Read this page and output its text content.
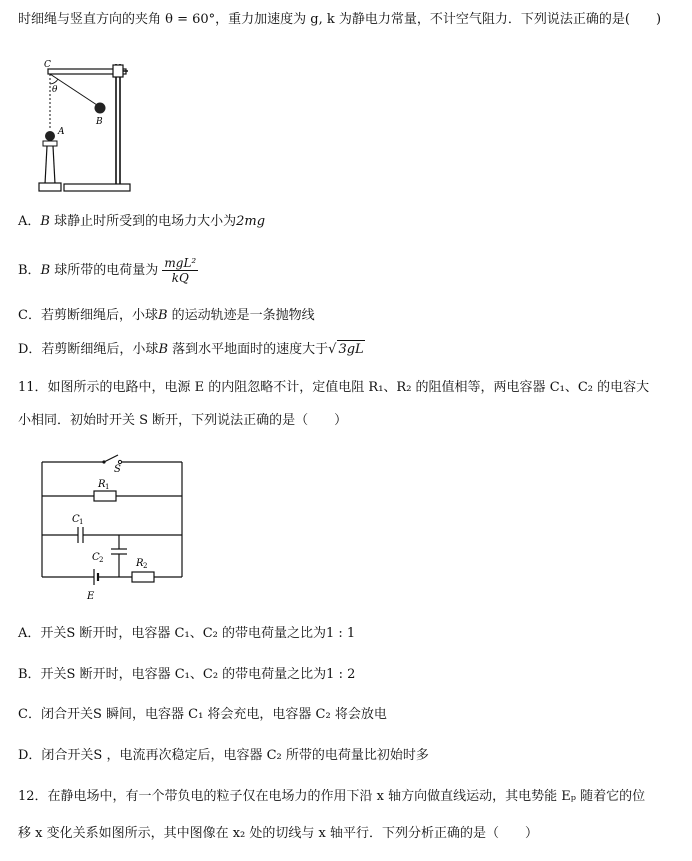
时细绳与竖直方向的夹角 θ = 60°，重力加速度为 g, k 为静电力常量，不计空气阻力．下列说法正确的是(　　)
C
θ
A
B
A．B 球静止时所受到的电场力大小为2mg
B．B 球所带的电荷量为 $\frac{\text{mgL²}}{kQ}$
C．若剪断细绳后，小球B 的运动轨迹是一条抛物线
D．若剪断细绳后，小球B 落到水平地面时的速度大于√ 3gL
11．如图所示的电路中，电源 E 的内阻忽略不计，定值电阻 R₁、R₂ 的阻值相等，两电容器 C₁、C₂ 的电容大
小相同．初始时开关 S 断开，下列说法正确的是（　　）
S
R 1
C 1
C 2	R 2
E
A．开关S 断开时，电容器 C₁、C₂ 的带电荷量之比为1 : 1
B．开关S 断开时，电容器 C₁、C₂ 的带电荷量之比为1 : 2
C．闭合开关S 瞬间，电容器 C₁ 将会充电，电容器 C₂ 将会放电
D．闭合开关S ，电流再次稳定后，电容器 C₂ 所带的电荷量比初始时多
12．在静电场中，有一个带负电的粒子仅在电场力的作用下沿 x 轴方向做直线运动，其电势能 Eₚ 随着它的位
移 x 变化关系如图所示，其中图像在 x₂ 处的切线与 x 轴平行．下列分析正确的是（　　）
